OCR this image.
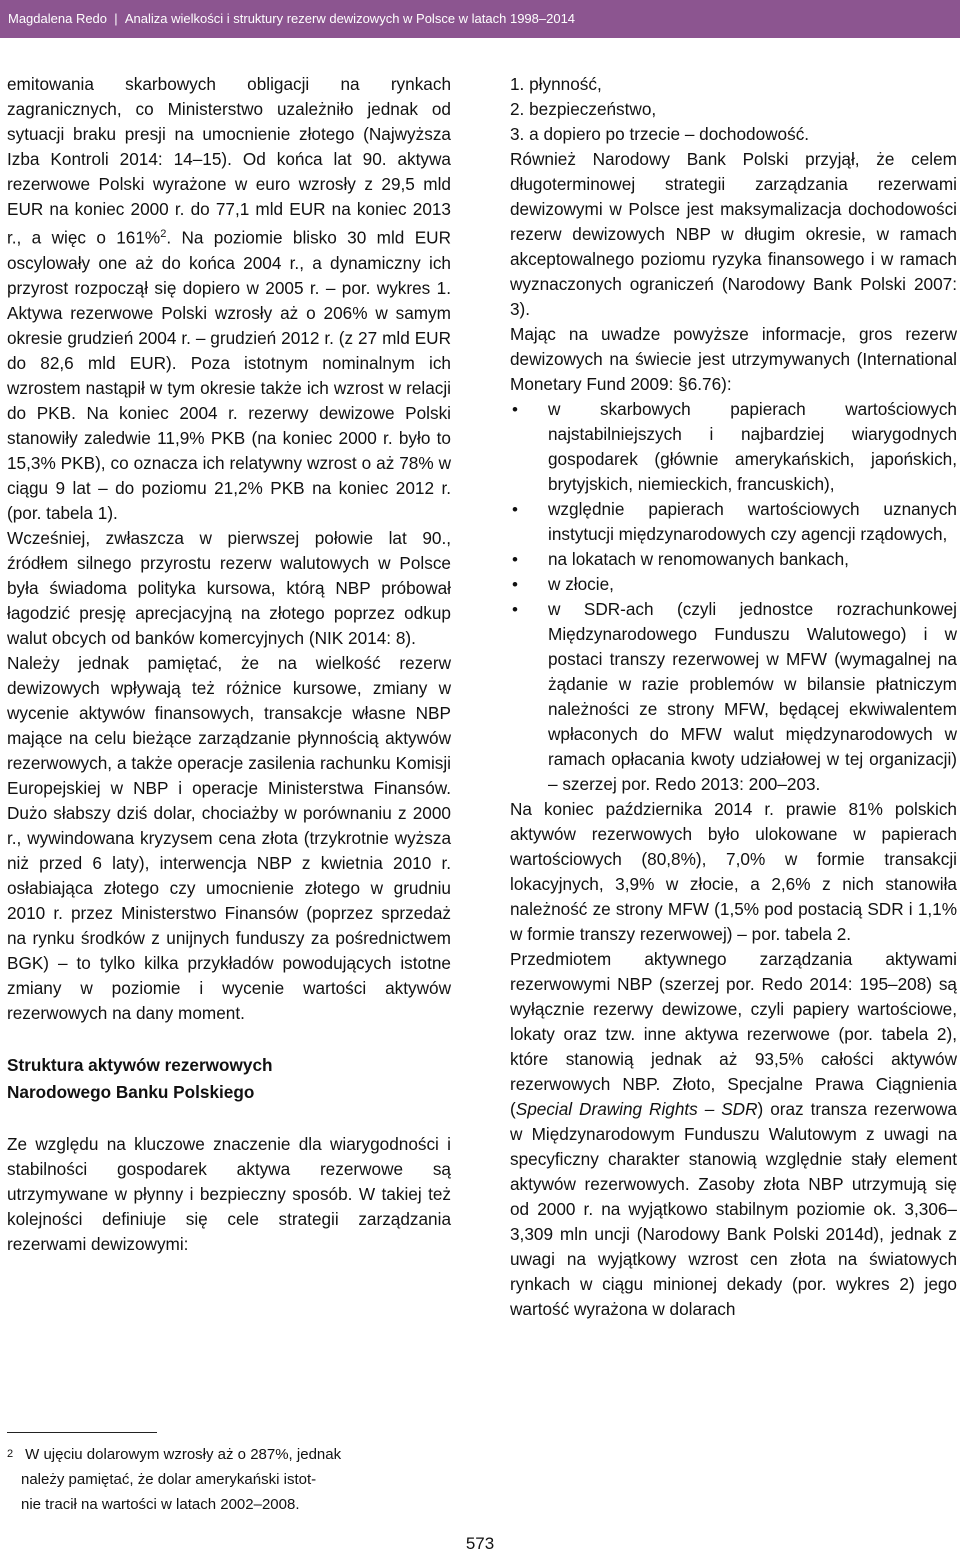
Magdalena Redo | Analiza wielkości i struktury rezerw dewizowych w Polsce w latach 1998–2014

emitowania skarbowych obligacji na rynkach zagranicznych, co Ministerstwo uzależniło jednak od sytuacji braku presji na umocnienie złotego (Najwyższa Izba Kontroli 2014: 14–15). Od końca lat 90. aktywa rezerwowe Polski wyrażone w euro wzrosły z 29,5 mld EUR na koniec 2000 r. do 77,1 mld EUR na koniec 2013 r., a więc o 161%$^2$. Na poziomie blisko 30 mld EUR oscylowały one aż do końca 2004 r., a dynamiczny ich przyrost rozpoczął się dopiero w 2005 r. – por. wykres 1. Aktywa rezerwowe Polski wzrosły aż o 206% w samym okresie grudzień 2004 r. – grudzień 2012 r. (z 27 mld EUR do 82,6 mld EUR). Poza istotnym nominalnym ich wzrostem nastąpił w tym okresie także ich wzrost w relacji do PKB. Na koniec 2004 r. rezerwy dewizowe Polski stanowiły zaledwie 11,9% PKB (na koniec 2000 r. było to 15,3% PKB), co oznacza ich relatywny wzrost o aż 78% w ciągu 9 lat – do poziomu 21,2% PKB na koniec 2012 r. (por. tabela 1).

Wcześniej, zwłaszcza w pierwszej połowie lat 90., źródłem silnego przyrostu rezerw walutowych w Polsce była świadoma polityka kursowa, którą NBP próbował łagodzić presję aprecjacyjną na złotego poprzez odkup walut obcych od banków komercyjnych (NIK 2014: 8).

Należy jednak pamiętać, że na wielkość rezerw dewizowych wpływają też różnice kursowe, zmiany w wycenie aktywów finansowych, transakcje własne NBP mające na celu bieżące zarządzanie płynnością aktywów rezerwowych, a także operacje zasilenia rachunku Komisji Europejskiej w NBP i operacje Ministerstwa Finansów. Dużo słabszy dziś dolar, chociażby w porównaniu z 2000 r., wywindowana kryzysem cena złota (trzykrotnie wyższa niż przed 6 laty), interwencja NBP z kwietnia 2010 r. osłabiająca złotego czy umocnienie złotego w grudniu 2010 r. przez Ministerstwo Finansów (poprzez sprzedaż na rynku środków z unijnych funduszy za pośrednictwem BGK) – to tylko kilka przykładów powodujących istotne zmiany w poziomie i wycenie wartości aktywów rezerwowych na dany moment.

Struktura aktywów rezerwowych
Narodowego Banku Polskiego

Ze względu na kluczowe znaczenie dla wiarygodności i stabilności gospodarek aktywa rezerwowe są utrzymywane w płynny i bezpieczny sposób. W takiej też kolejności definiuje się cele strategii zarządzania rezerwami dewizowymi:

$^2$ W ujęciu dolarowym wzrosły aż o 287%, jednak
należy pamiętać, że dolar amerykański istot-
nie tracił na wartości w latach 2002–2008.
1. płynność,
2. bezpieczeństwo,
3. a dopiero po trzecie – dochodowość.

Również Narodowy Bank Polski przyjął, że celem długoterminowej strategii zarządzania rezerwami dewizowymi w Polsce jest maksymalizacja dochodowości rezerw dewizowych NBP w długim okresie, w ramach akceptowalnego poziomu ryzyka finansowego i w ramach wyznaczonych ograniczeń (Narodowy Bank Polski 2007: 3).

Mając na uwadze powyższe informacje, gros rezerw dewizowych na świecie jest utrzymywanych (International Monetary Fund 2009: §6.76):

• w skarbowych papierach wartościowych najstabilniejszych i najbardziej wiarygodnych gospodarek (głównie amerykańskich, japońskich, brytyjskich, niemieckich, francuskich),
• względnie papierach wartościowych uznanych instytucji międzynarodowych czy agencji rządowych,
• na lokatach w renomowanych bankach,
• w złocie,
• w SDR-ach (czyli jednostce rozrachunkowej Międzynarodowego Funduszu Walutowego) i w postaci transzy rezerwowej w MFW (wymagalnej na żądanie w razie problemów w bilansie płatniczym należności ze strony MFW, będącej ekwiwalentem wpłaconych do MFW walut międzynarodowych w ramach opłacania kwoty udziałowej w tej organizacji) – szerzej por. Redo 2013: 200–203.

Na koniec października 2014 r. prawie 81% polskich aktywów rezerwowych było ulokowane w papierach wartościowych (80,8%), 7,0% w formie transakcji lokacyjnych, 3,9% w złocie, a 2,6% z nich stanowiła należność ze strony MFW (1,5% pod postacią SDR i 1,1% w formie transzy rezerwowej) – por. tabela 2.

Przedmiotem aktywnego zarządzania aktywami rezerwowymi NBP (szerzej por. Redo 2014: 195–208) są wyłącznie rezerwy dewizowe, czyli papiery wartościowe, lokaty oraz tzw. inne aktywa rezerwowe (por. tabela 2), które stanowią jednak aż 93,5% całości aktywów rezerwowych NBP. Złoto, Specjalne Prawa Ciągnienia (Special Drawing Rights – SDR) oraz transza rezerwowa w Międzynarodowym Funduszu Walutowym z uwagi na specyficzny charakter stanowią względnie stały element aktywów rezerwowych. Zasoby złota NBP utrzymują się od 2000 r. na wyjątkowo stabilnym poziomie ok. 3,306–3,309 mln uncji (Narodowy Bank Polski 2014d), jednak z uwagi na wyjątkowy wzrost cen złota na światowych rynkach w ciągu minionej dekady (por. wykres 2) jego wartość wyrażona w dolarach

573
